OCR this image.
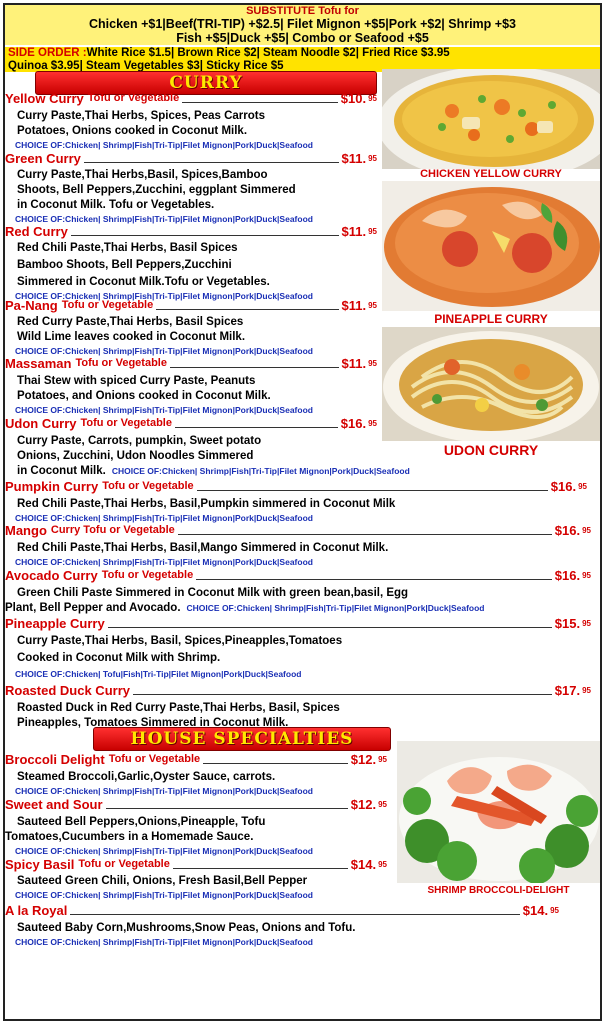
SUBSTITUTE Tofu for
Chicken +$1|Beef(TRI-TIP) +$2.5| Filet Mignon +$5|Pork +$2| Shrimp +$3
Fish +$5|Duck +$5| Combo or Seafood +$5
SIDE ORDER :White Rice $1.5| Brown Rice $2| Steam Noodle $2| Fried Rice $3.95
Quinoa $3.95| Steam Vegetables $3| Sticky Rice $5
CURRY
HOUSE SPECIALTIES
Yellow Curry Tofu or Vegetable	$10. 95
Curry Paste,Thai Herbs, Spices, Peas Carrots
Potatoes, Onions cooked in Coconut Milk.
CHOICE OF:Chicken| Shrimp|Fish|Tri-Tip|Filet Mignon|Pork|Duck|Seafood
Green Curry	$11. 95
Curry Paste,Thai Herbs,Basil, Spices,Bamboo
Shoots, Bell Peppers,Zucchini, eggplant Simmered
in Coconut Milk. Tofu or Vegetables.
CHOICE OF:Chicken| Shrimp|Fish|Tri-Tip|Filet Mignon|Pork|Duck|Seafood
Red Curry	$11. 95
Red Chili Paste,Thai Herbs, Basil Spices
Bamboo Shoots, Bell Peppers,Zucchini
Simmered in Coconut Milk.Tofu or Vegetables.
CHOICE OF:Chicken| Shrimp|Fish|Tri-Tip|Filet Mignon|Pork|Duck|Seafood
Pa-Nang Tofu or Vegetable	$11. 95
Red Curry Paste,Thai Herbs, Basil Spices
Wild Lime leaves cooked in Coconut Milk.
CHOICE OF:Chicken| Shrimp|Fish|Tri-Tip|Filet Mignon|Pork|Duck|Seafood
Massaman Tofu or Vegetable	$11. 95
Thai Stew with spiced Curry Paste, Peanuts
Potatoes, and Onions cooked in Coconut Milk.
CHOICE OF:Chicken| Shrimp|Fish|Tri-Tip|Filet Mignon|Pork|Duck|Seafood
Udon Curry Tofu or Vegetable	$16. 95
Curry Paste, Carrots, pumpkin, Sweet potato
Onions, Zucchini, Udon Noodles Simmered
in Coconut Milk. CHOICE OF:Chicken| Shrimp|Fish|Tri-Tip|Filet Mignon|Pork|Duck|Seafood
Pumpkin Curry Tofu or Vegetable	$16. 95
Red Chili Paste,Thai Herbs, Basil,Pumpkin simmered in Coconut Milk
CHOICE OF:Chicken| Shrimp|Fish|Tri-Tip|Filet Mignon|Pork|Duck|Seafood
Mango Curry Tofu or Vegetable	$16. 95
Red Chili Paste,Thai Herbs, Basil,Mango Simmered in Coconut Milk.
CHOICE OF:Chicken| Shrimp|Fish|Tri-Tip|Filet Mignon|Pork|Duck|Seafood
Avocado Curry Tofu or Vegetable	$16. 95
Green Chili Paste Simmered in Coconut Milk with green bean,basil, Egg
Plant, Bell Pepper and Avocado. CHOICE OF:Chicken| Shrimp|Fish|Tri-Tip|Filet Mignon|Pork|Duck|Seafood
Pineapple Curry	$15. 95
Curry Paste,Thai Herbs, Basil, Spices,Pineapples,Tomatoes
Cooked in Coconut Milk with Shrimp.
CHOICE OF:Chicken| Tofu|Fish|Tri-Tip|Filet Mignon|Pork|Duck|Seafood
Roasted Duck Curry	$17. 95
Roasted Duck in Red Curry Paste,Thai Herbs, Basil, Spices
Pineapples, Tomatoes Simmered in Coconut Milk.
Broccoli Delight Tofu or Vegetable	$12. 95
Steamed Broccoli,Garlic,Oyster Sauce, carrots.
CHOICE OF:Chicken| Shrimp|Fish|Tri-Tip|Filet Mignon|Pork|Duck|Seafood
Sweet and Sour	$12. 95
Sauteed Bell Peppers,Onions,Pineapple, Tofu
Tomatoes,Cucumbers in a Homemade Sauce.
CHOICE OF:Chicken| Shrimp|Fish|Tri-Tip|Filet Mignon|Pork|Duck|Seafood
Spicy Basil Tofu or Vegetable	$14. 95
Sauteed Green Chili, Onions, Fresh Basil,Bell Pepper
CHOICE OF:Chicken| Shrimp|Fish|Tri-Tip|Filet Mignon|Pork|Duck|Seafood
A la Royal	$14. 95
Sauteed Baby Corn,Mushrooms,Snow Peas, Onions and Tofu.
CHOICE OF:Chicken| Shrimp|Fish|Tri-Tip|Filet Mignon|Pork|Duck|Seafood
CHICKEN YELLOW CURRY
PINEAPPLE CURRY
UDON CURRY
SHRIMP BROCCOLI-DELIGHT
